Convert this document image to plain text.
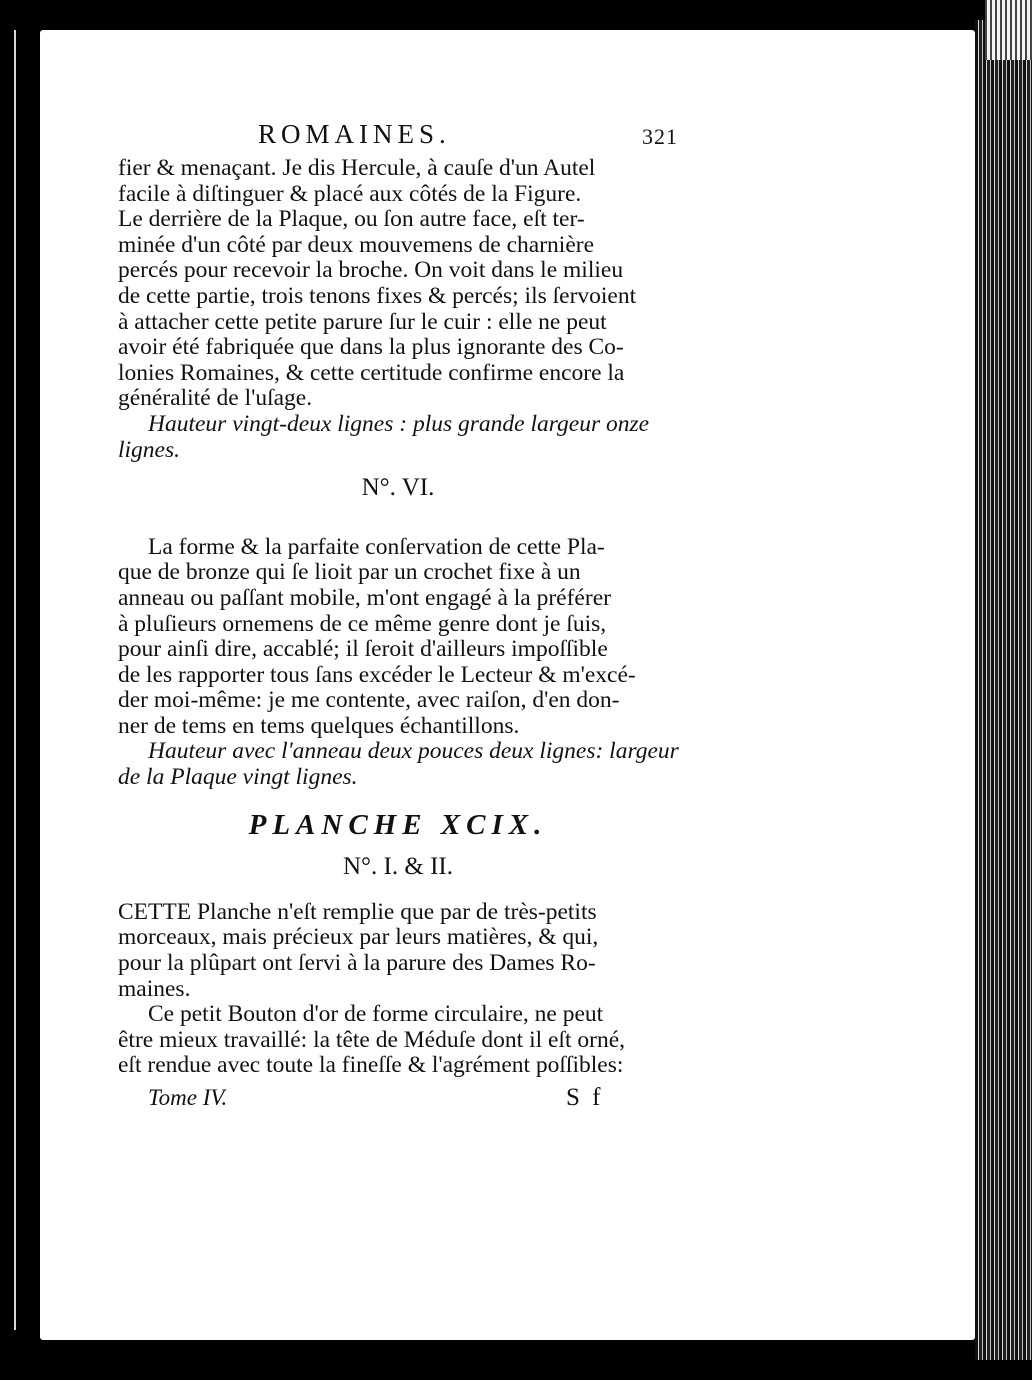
ROMAINES.	321

fier & menaçant. Je dis Hercule, à cauſe d'un Autel
facile à diſtinguer & placé aux côtés de la Figure.
Le derrière de la Plaque, ou ſon autre face, eſt ter-
minée d'un côté par deux mouvemens de charnière
percés pour recevoir la broche. On voit dans le milieu
de cette partie, trois tenons fixes & percés; ils ſervoient
à attacher cette petite parure ſur le cuir : elle ne peut
avoir été fabriquée que dans la plus ignorante des Co-
lonies Romaines, & cette certitude confirme encore la
généralité de l'uſage.

Hauteur vingt-deux lignes : plus grande largeur onze
lignes.

N°. VI.

La forme & la parfaite conſervation de cette Pla-
que de bronze qui ſe lioit par un crochet fixe à un
anneau ou paſſant mobile, m'ont engagé à la préférer
à pluſieurs ornemens de ce même genre dont je ſuis,
pour ainſi dire, accablé; il ſeroit d'ailleurs impoſſible
de les rapporter tous ſans excéder le Lecteur & m'excé-
der moi-même: je me contente, avec raiſon, d'en don-
ner de tems en tems quelques échantillons.

Hauteur avec l'anneau deux pouces deux lignes: largeur
de la Plaque vingt lignes.

PLANCHE XCIX.
N°. I. & II.

CETTE Planche n'eſt remplie que par de très-petits
morceaux, mais précieux par leurs matières, & qui,
pour la plûpart ont ſervi à la parure des Dames Ro-
maines.

Ce petit Bouton d'or de forme circulaire, ne peut
être mieux travaillé: la tête de Méduſe dont il eſt orné,
eſt rendue avec toute la fineſſe & l'agrément poſſibles:

Tome IV.	S f
